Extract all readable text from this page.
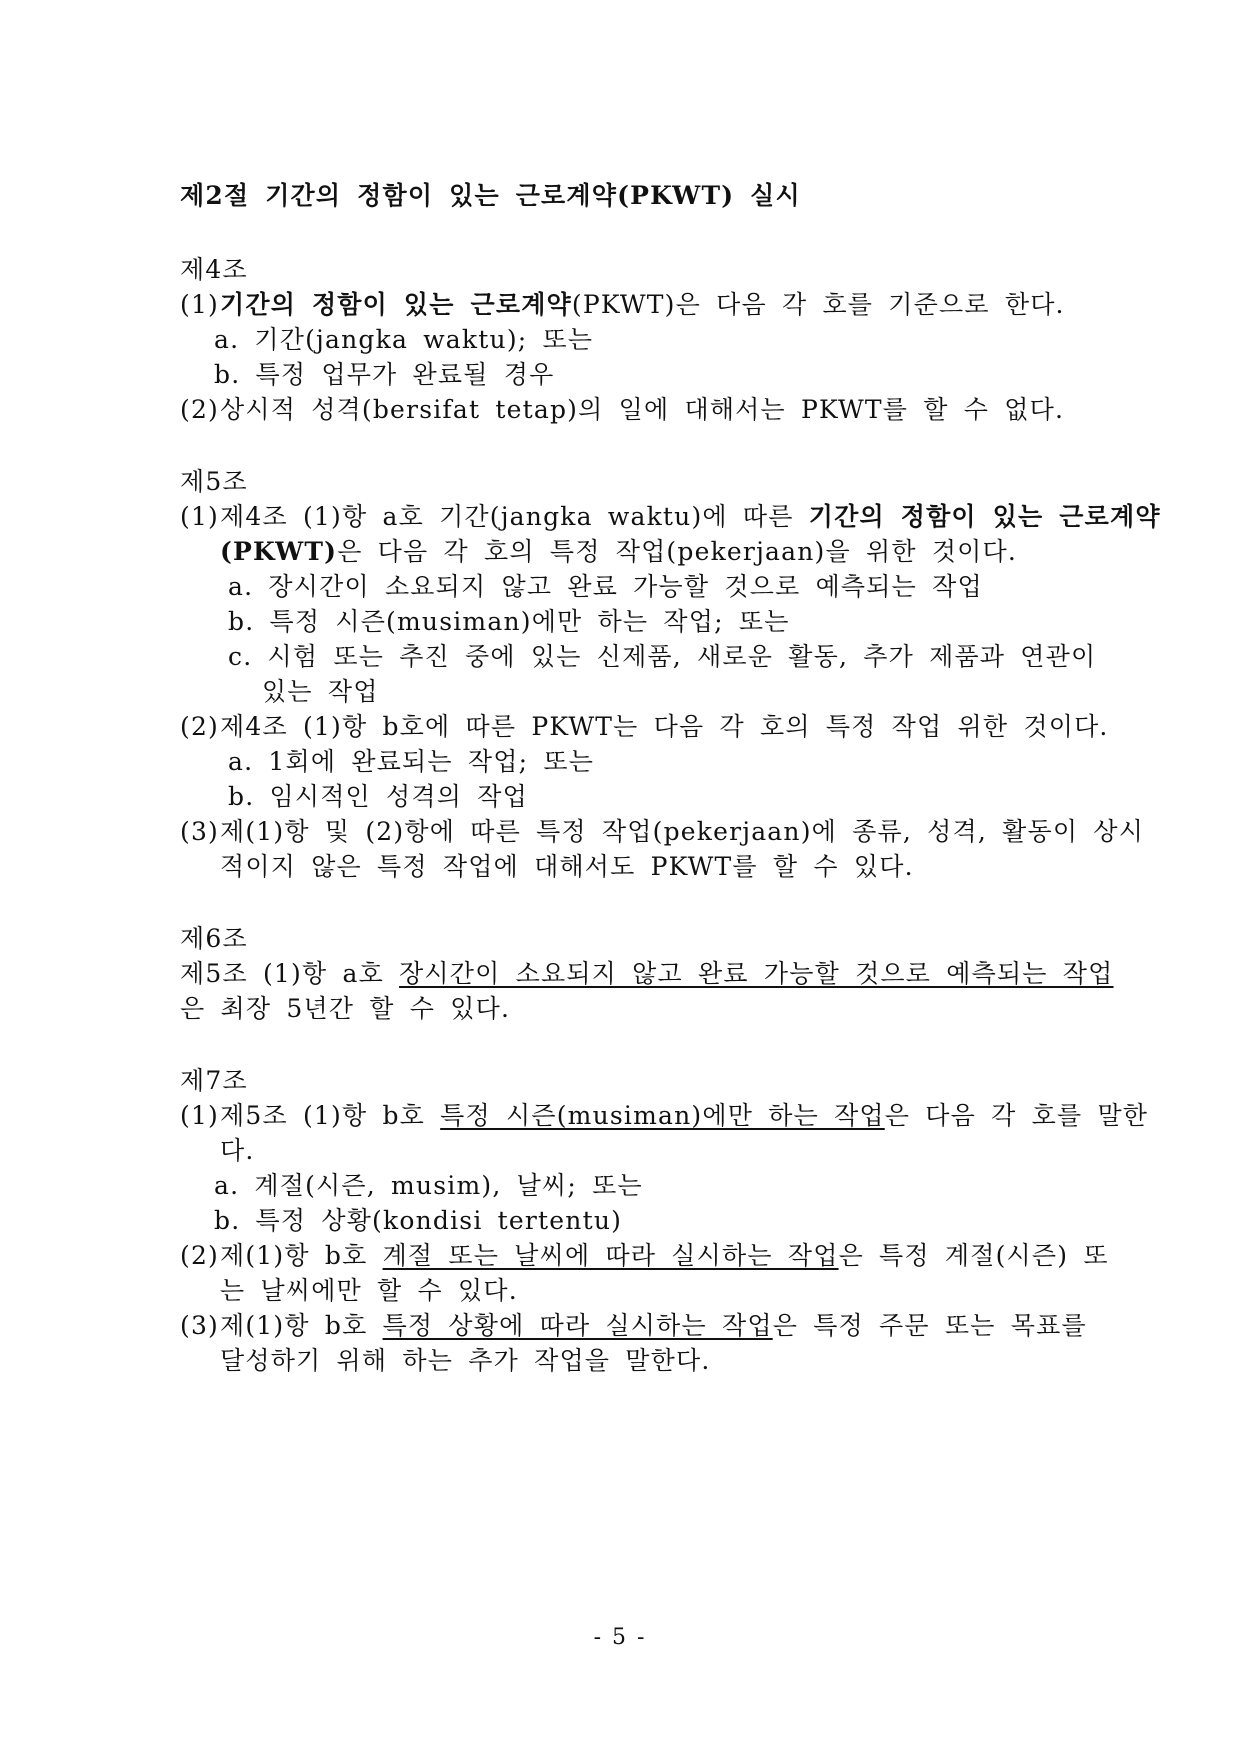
제2절 기간의 정함이 있는 근로계약(PKWT) 실시
제4조
(1)기간의 정함이 있는 근로계약(PKWT)은 다음 각 호를 기준으로 한다.
a. 기간(jangka waktu); 또는
b. 특정 업무가 완료될 경우
(2)상시적 성격(bersifat tetap)의 일에 대해서는 PKWT를 할 수 없다.
제5조
(1)제4조 (1)항 a호 기간(jangka waktu)에 따른 기간의 정함이 있는 근로계약
(PKWT)은 다음 각 호의 특정 작업(pekerjaan)을 위한 것이다.
a. 장시간이 소요되지 않고 완료 가능할 것으로 예측되는 작업
b. 특정 시즌(musiman)에만 하는 작업; 또는
c. 시험 또는 추진 중에 있는 신제품, 새로운 활동, 추가 제품과 연관이
있는 작업
(2)제4조 (1)항 b호에 따른 PKWT는 다음 각 호의 특정 작업 위한 것이다.
a. 1회에 완료되는 작업; 또는
b. 임시적인 성격의 작업
(3)제(1)항 및 (2)항에 따른 특정 작업(pekerjaan)에 종류, 성격, 활동이 상시
적이지 않은 특정 작업에 대해서도 PKWT를 할 수 있다.
제6조
제5조 (1)항 a호 장시간이 소요되지 않고 완료 가능할 것으로 예측되는 작업
은 최장 5년간 할 수 있다.
제7조
(1)제5조 (1)항 b호 특정 시즌(musiman)에만 하는 작업은 다음 각 호를 말한
다.
a. 계절(시즌, musim), 날씨; 또는
b. 특정 상황(kondisi tertentu)
(2)제(1)항 b호 계절 또는 날씨에 따라 실시하는 작업은 특정 계절(시즌) 또
는 날씨에만 할 수 있다.
(3)제(1)항 b호 특정 상황에 따라 실시하는 작업은 특정 주문 또는 목표를
달성하기 위해 하는 추가 작업을 말한다.
- 5 -
